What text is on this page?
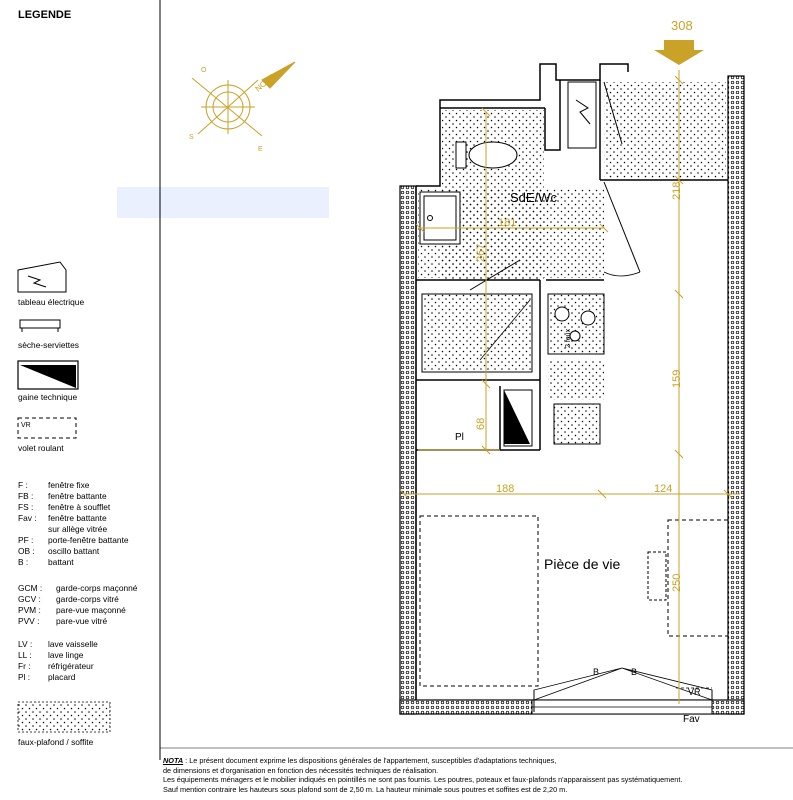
NORD
O
S
E
308
2 feux
181
267
218
159
68
188	124
250
SdE/Wc
Pièce de vie
Pl
B	B
VR
Fav
VR
LEGENDE
tableau électrique
sèche-serviettes
gaine technique
volet roulant
faux-plafond / soffite
F : fenêtre fixe
FB : fenêtre battante
FS : fenêtre à soufflet
Fav : fenêtre battante
sur allège vitrée
PF : porte-fenêtre battante
OB : oscillo battant
B : battant
GCM : garde-corps maçonné
GCV : garde-corps vitré
PVM : pare-vue maçonné
PVV : pare-vue vitré
LV : lave vaisselle
LL : lave linge
Fr : réfrigérateur
Pl : placard
NOTA : Le présent document exprime les dispositions générales de l'appartement, susceptibles d'adaptations techniques,
de dimensions et d'organisation en fonction des nécessités techniques de réalisation.
Les équipements ménagers et le mobilier indiqués en pointillés ne sont pas fournis. Les poutres, poteaux et faux-plafonds n'apparaissent pas systématiquement.
Sauf mention contraire les hauteurs sous plafond sont de 2,50 m. La hauteur minimale sous poutres et soffites est de 2,20 m.
